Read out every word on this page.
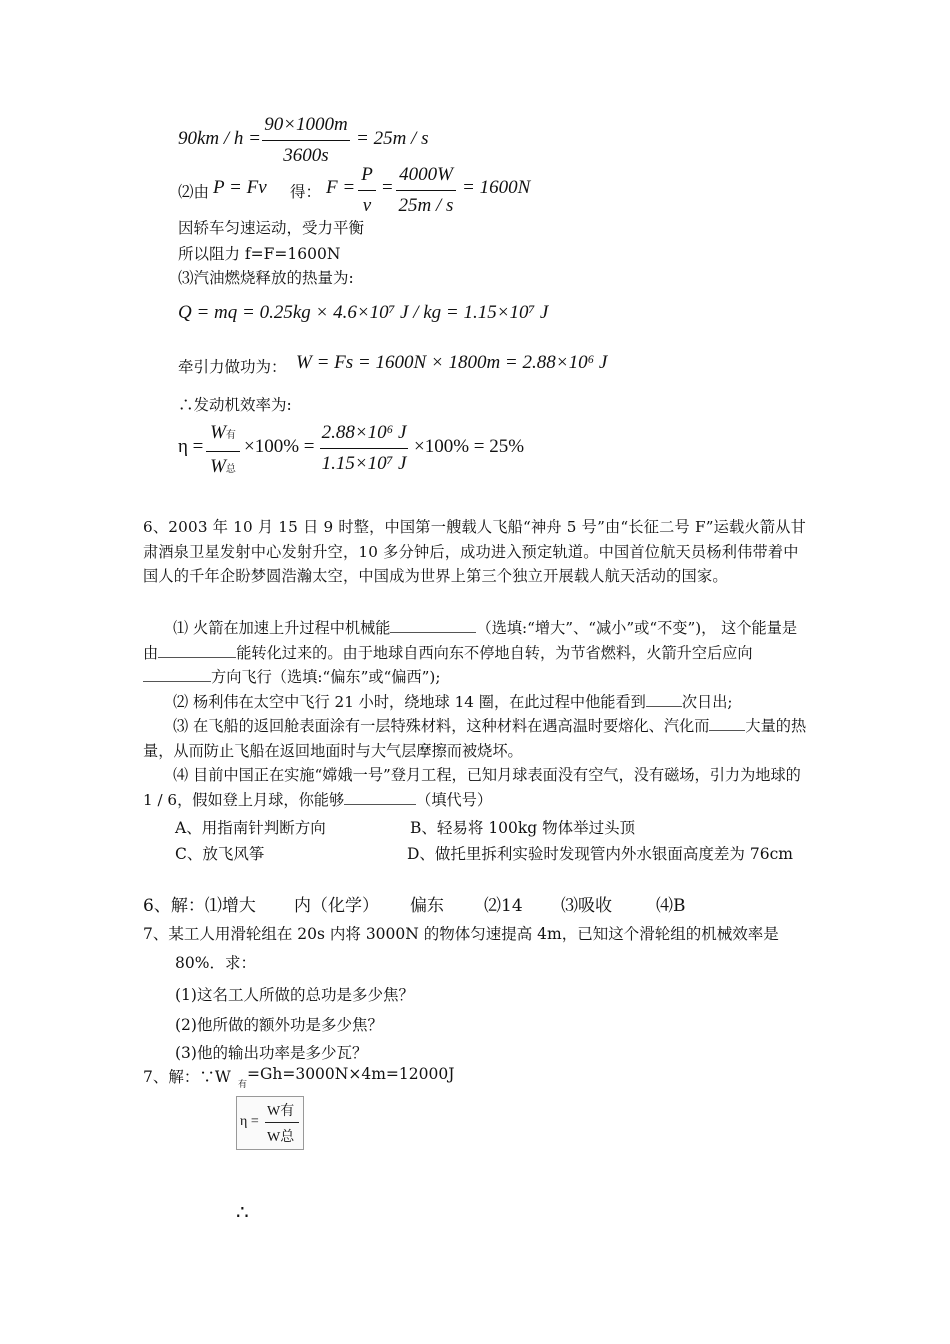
90km / h =
90×1000m
3600s
= 25m / s
⑵由 P = Fv 得： F =
P
v
=
4000W
25m / s
= 1600N
因轿车匀速运动，受力平衡
所以阻力 f=F=1600N
⑶汽油燃烧释放的热量为:
Q = mq = 0.25kg × 4.6×10⁷ J / kg = 1.15×10⁷ J
牵引力做功为： W = Fs = 1600N × 1800m = 2.88×10⁶ J
∴发动机效率为:
η =
W有
W总
×100% =
2.88×10⁶ J
1.15×10⁷ J
×100% = 25%
6、2003 年 10 月 15 日 9 时整，中国第一艘载人飞船“神舟 5 号”由“长征二号 F”运载火箭从甘肃酒泉卫星发射中心发射升空，10 多分钟后，成功进入预定轨道。中国首位航天员杨利伟带着中国人的千年企盼梦圆浩瀚太空，中国成为世界上第三个独立开展载人航天活动的国家。
⑴ 火箭在加速上升过程中机械能	（选填:“增大”、“减小”或“不变”)， 这个能量是由	能转化过来的。由于地球自西向东不停地自转，为节省燃料，火箭升空后应向方向飞行（选填:“偏东”或“偏西”);
⑵ 杨利伟在太空中飞行 21 小时，绕地球 14 圈，在此过程中他能看到 次日出;
⑶ 在飞船的返回舱表面涂有一层特殊材料，这种材料在遇高温时要熔化、汽化而 大量的热量，从而防止飞船在返回地面时与大气层摩擦而被烧坏。
⑷ 目前中国正在实施“嫦娥一号”登月工程，已知月球表面没有空气，没有磁场，引力为地球的 1 / 6，假如登上月球，你能够	（填代号）
A、用指南针判断方向	B、轻易将 100kg 物体举过头顶
C、放飞风筝	D、做托里拆利实验时发现管内外水银面高度差为 76cm
6、解：⑴增大 内（化学） 偏东 ⑵14 ⑶吸收	⑷B
7、某工人用滑轮组在 20s 内将 3000N 的物体匀速提高 4m，已知这个滑轮组的机械效率是
80%．求：
(1)这名工人所做的总功是多少焦？
(2)他所做的额外功是多少焦？
(3)他的输出功率是多少瓦？
7、解：∵W 有
=Gh=3000N×4m=12000J
η =
W有
W总
∴
